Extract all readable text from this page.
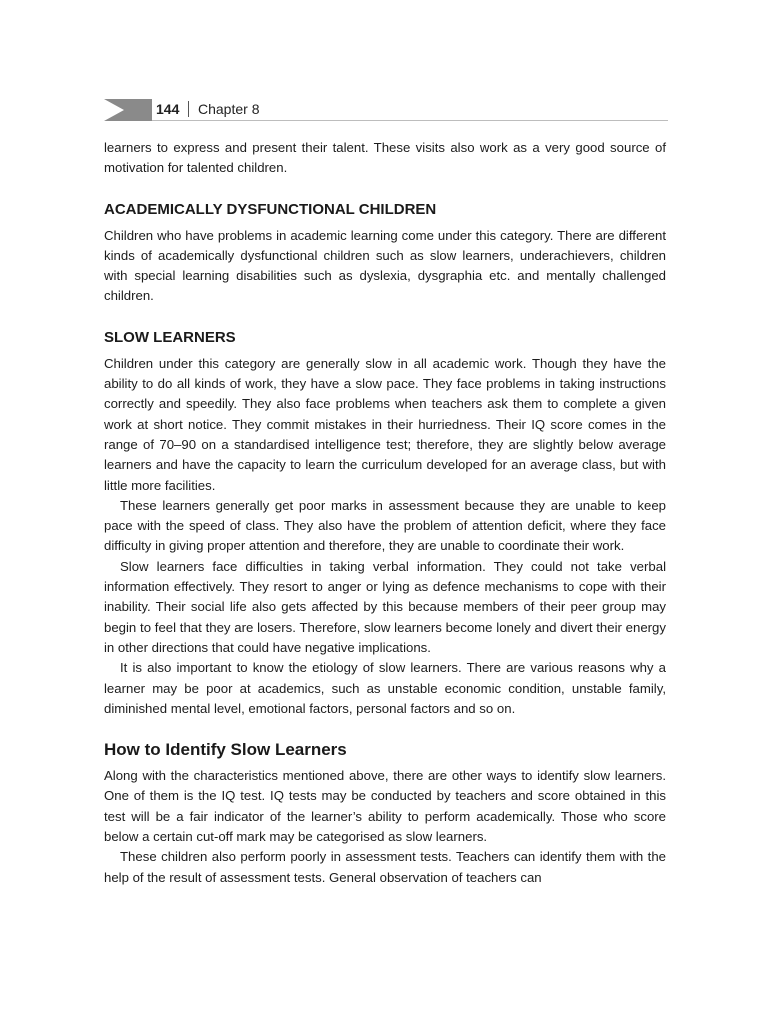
144 Chapter 8

learners to express and present their talent. These visits also work as a very good source of motivation for talented children.

ACADEMICALLY DYSFUNCTIONAL CHILDREN

Children who have problems in academic learning come under this category. There are different kinds of academically dysfunctional children such as slow learners, underachievers, children with special learning disabilities such as dyslexia, dysgraphia etc. and mentally challenged children.

SLOW LEARNERS

Children under this category are generally slow in all academic work. Though they have the ability to do all kinds of work, they have a slow pace. They face problems in taking instructions correctly and speedily. They also face problems when teachers ask them to complete a given work at short notice. They commit mistakes in their hurriedness. Their IQ score comes in the range of 70–90 on a standardised intelligence test; therefore, they are slightly below average learners and have the capacity to learn the curriculum developed for an average class, but with little more facilities.

These learners generally get poor marks in assessment because they are unable to keep pace with the speed of class. They also have the problem of attention deficit, where they face difficulty in giving proper attention and therefore, they are unable to coordinate their work.

Slow learners face difficulties in taking verbal information. They could not take verbal information effectively. They resort to anger or lying as defence mechanisms to cope with their inability. Their social life also gets affected by this because members of their peer group may begin to feel that they are losers. Therefore, slow learners become lonely and divert their energy in other directions that could have negative implications.

It is also important to know the etiology of slow learners. There are various reasons why a learner may be poor at academics, such as unstable economic condition, unstable family, diminished mental level, emotional factors, personal factors and so on.

How to Identify Slow Learners

Along with the characteristics mentioned above, there are other ways to identify slow learners. One of them is the IQ test. IQ tests may be conducted by teachers and score obtained in this test will be a fair indicator of the learner’s ability to perform academically. Those who score below a certain cut-off mark may be categorised as slow learners.

These children also perform poorly in assessment tests. Teachers can identify them with the help of the result of assessment tests. General observation of teachers can
